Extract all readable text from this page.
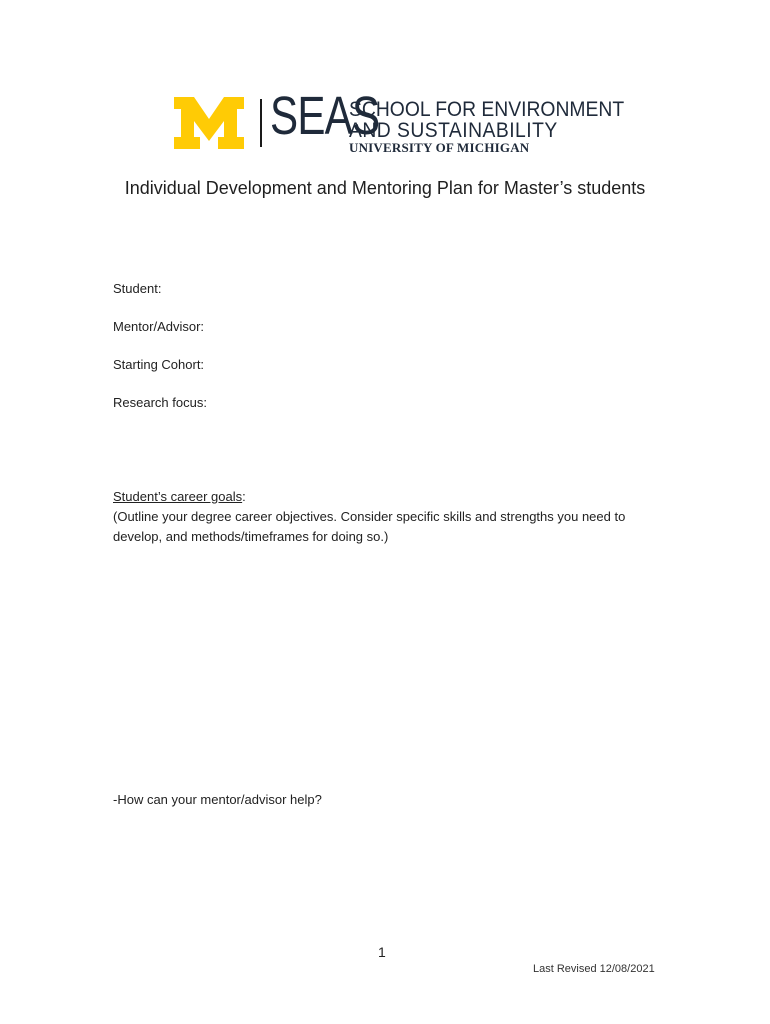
SEAS
SCHOOL FOR ENVIRONMENT
AND SUSTAINABILITY
UNIVERSITY OF MICHIGAN
Individual Development and Mentoring Plan for Master’s students
Student:
Mentor/Advisor:
Starting Cohort:
Research focus:
Student’s career goals:
(Outline your degree career objectives. Consider specific skills and strengths you need to develop, and methods/timeframes for doing so.)
-How can your mentor/advisor help?
1
Last Revised 12/08/2021
